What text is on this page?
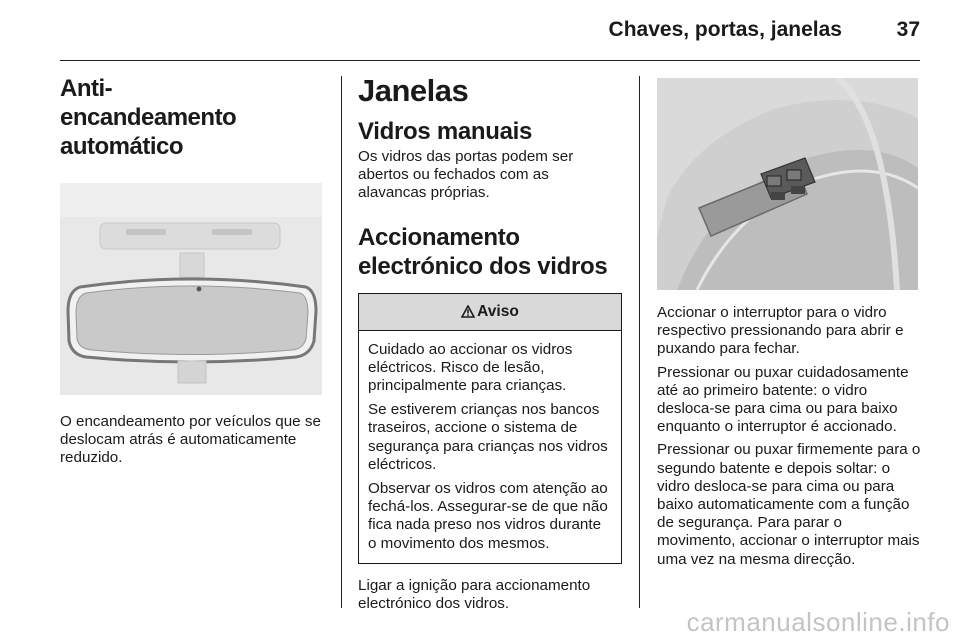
Chaves, portas, janelas	37
Anti-encandeamento automático

O encandeamento por veículos que se deslocam atrás é automaticamente reduzido.

Janelas
Vidros manuais

Os vidros das portas podem ser abertos ou fechados com as alavancas próprias.

Accionamento electrónico dos vidros
Aviso

Cuidado ao accionar os vidros eléctricos. Risco de lesão, principalmente para crianças.

Se estiverem crianças nos bancos traseiros, accione o sistema de segurança para crianças nos vidros eléctricos.

Observar os vidros com atenção ao fechá-los. Assegurar-se de que não fica nada preso nos vidros durante o movimento dos mesmos.

Ligar a ignição para accionamento electrónico dos vidros.

Accionar o interruptor para o vidro respectivo pressionando para abrir e puxando para fechar.

Pressionar ou puxar cuidadosamente até ao primeiro batente: o vidro desloca-se para cima ou para baixo enquanto o interruptor é accionado.

Pressionar ou puxar firmemente para o segundo batente e depois soltar: o vidro desloca-se para cima ou para baixo automaticamente com a função de segurança. Para parar o movimento, accionar o interruptor mais uma vez na mesma direcção.

carmanualsonline.info
